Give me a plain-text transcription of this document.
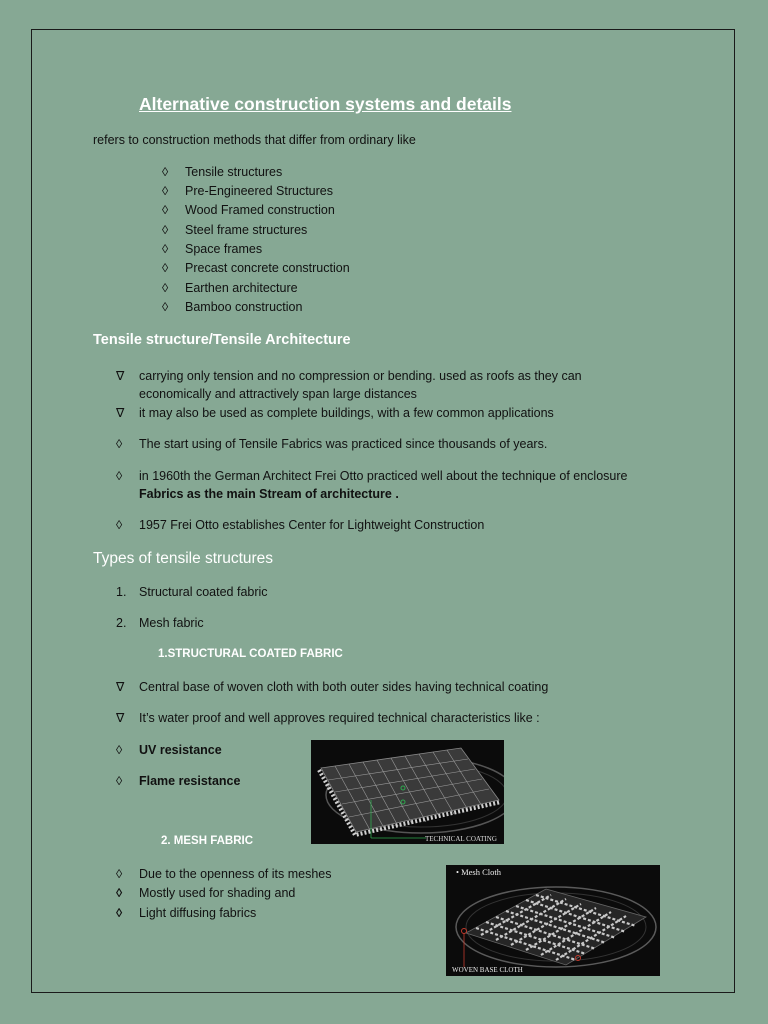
Alternative construction systems and details
refers to construction methods that differ from ordinary like
◊ Tensile structures
◊ Pre-Engineered Structures
◊ Wood Framed construction
◊ Steel frame structures
◊ Space frames
◊ Precast concrete construction
◊ Earthen architecture
◊ Bamboo construction
Tensile structure/Tensile Architecture
∇ carrying only tension and no compression or bending. used as roofs as they can
economically and attractively span large distances
∇ it may also be used as complete buildings, with a few common applications
◊ The start using of Tensile Fabrics was practiced since thousands of years.
◊ in 1960th the German Architect Frei Otto practiced well about the technique of enclosure
Fabrics as the main Stream of architecture .
◊ 1957 Frei Otto establishes Center for Lightweight Construction
Types of tensile structures
1. Structural coated fabric
2. Mesh fabric
1.STRUCTURAL COATED FABRIC
∇ Central base of woven cloth with both outer sides having technical coating
∇ It’s water proof and well approves required technical characteristics like :
◊ UV resistance
◊ Flame resistance
TECHNICAL COATING
2. MESH FABRIC
◊ Due to the openness of its meshes
◊ Mostly used for shading and
◊ Light diffusing fabrics
• Mesh Cloth
WOVEN BASE CLOTH
